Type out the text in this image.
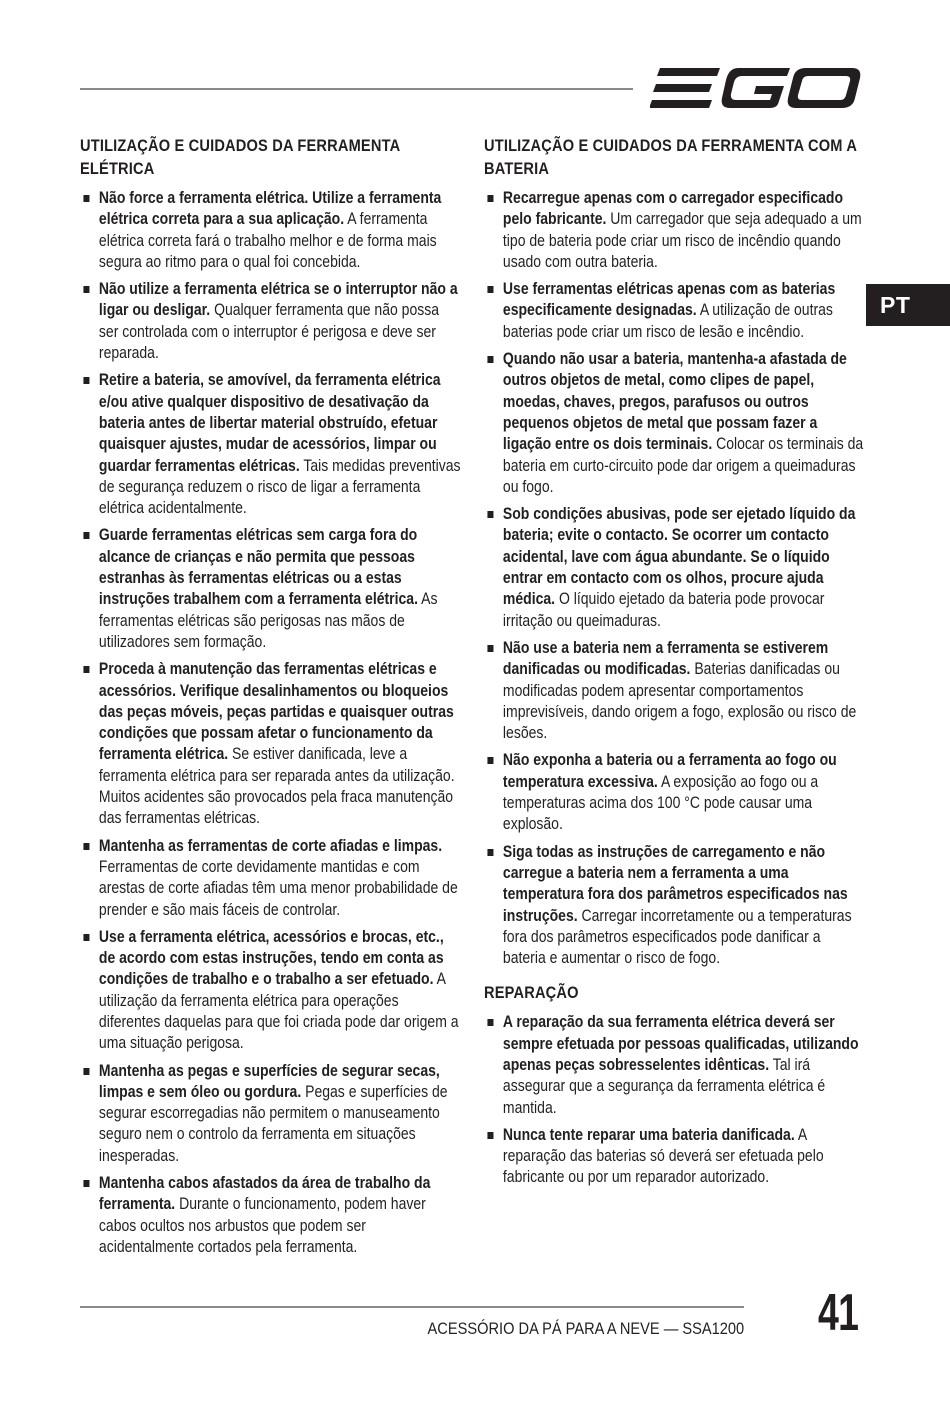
PT
UTILIZAÇÃO E CUIDADOS DA FERRAMENTA ELÉTRICA
Não force a ferramenta elétrica. Utilize a ferramenta elétrica correta para a sua aplicação. A ferramenta elétrica correta fará o trabalho melhor e de forma mais segura ao ritmo para o qual foi concebida.
Não utilize a ferramenta elétrica se o interruptor não a ligar ou desligar. Qualquer ferramenta que não possa ser controlada com o interruptor é perigosa e deve ser reparada.
Retire a bateria, se amovível, da ferramenta elétrica e/ou ative qualquer dispositivo de desativação da bateria antes de libertar material obstruído, efetuar quaisquer ajustes, mudar de acessórios, limpar ou guardar ferramentas elétricas. Tais medidas preventivas de segurança reduzem o risco de ligar a ferramenta elétrica acidentalmente.
Guarde ferramentas elétricas sem carga fora do alcance de crianças e não permita que pessoas estranhas às ferramentas elétricas ou a estas instruções trabalhem com a ferramenta elétrica. As ferramentas elétricas são perigosas nas mãos de utilizadores sem formação.
Proceda à manutenção das ferramentas elétricas e acessórios. Verifique desalinhamentos ou bloqueios das peças móveis, peças partidas e quaisquer outras condições que possam afetar o funcionamento da ferramenta elétrica. Se estiver danificada, leve a ferramenta elétrica para ser reparada antes da utilização. Muitos acidentes são provocados pela fraca manutenção das ferramentas elétricas.
Mantenha as ferramentas de corte afiadas e limpas. Ferramentas de corte devidamente mantidas e com arestas de corte afiadas têm uma menor probabilidade de prender e são mais fáceis de controlar.
Use a ferramenta elétrica, acessórios e brocas, etc., de acordo com estas instruções, tendo em conta as condições de trabalho e o trabalho a ser efetuado. A utilização da ferramenta elétrica para operações diferentes daquelas para que foi criada pode dar origem a uma situação perigosa.
Mantenha as pegas e superfícies de segurar secas, limpas e sem óleo ou gordura. Pegas e superfícies de segurar escorregadias não permitem o manuseamento seguro nem o controlo da ferramenta em situações inesperadas.
Mantenha cabos afastados da área de trabalho da ferramenta. Durante o funcionamento, podem haver cabos ocultos nos arbustos que podem ser acidentalmente cortados pela ferramenta.
UTILIZAÇÃO E CUIDADOS DA FERRAMENTA COM A BATERIA
Recarregue apenas com o carregador especificado pelo fabricante. Um carregador que seja adequado a um tipo de bateria pode criar um risco de incêndio quando usado com outra bateria.
Use ferramentas elétricas apenas com as baterias especificamente designadas. A utilização de outras baterias pode criar um risco de lesão e incêndio.
Quando não usar a bateria, mantenha-a afastada de outros objetos de metal, como clipes de papel, moedas, chaves, pregos, parafusos ou outros pequenos objetos de metal que possam fazer a ligação entre os dois terminais. Colocar os terminais da bateria em curto-circuito pode dar origem a queimaduras ou fogo.
Sob condições abusivas, pode ser ejetado líquido da bateria; evite o contacto. Se ocorrer um contacto acidental, lave com água abundante. Se o líquido entrar em contacto com os olhos, procure ajuda médica. O líquido ejetado da bateria pode provocar irritação ou queimaduras.
Não use a bateria nem a ferramenta se estiverem danificadas ou modificadas. Baterias danificadas ou modificadas podem apresentar comportamentos imprevisíveis, dando origem a fogo, explosão ou risco de lesões.
Não exponha a bateria ou a ferramenta ao fogo ou temperatura excessiva. A exposição ao fogo ou a temperaturas acima dos 100 °C pode causar uma explosão.
Siga todas as instruções de carregamento e não carregue a bateria nem a ferramenta a uma temperatura fora dos parâmetros especificados nas instruções. Carregar incorretamente ou a temperaturas fora dos parâmetros especificados pode danificar a bateria e aumentar o risco de fogo.
REPARAÇÃO
A reparação da sua ferramenta elétrica deverá ser sempre efetuada por pessoas qualificadas, utilizando apenas peças sobresselentes idênticas. Tal irá assegurar que a segurança da ferramenta elétrica é mantida.
Nunca tente reparar uma bateria danificada. A reparação das baterias só deverá ser efetuada pelo fabricante ou por um reparador autorizado.
ACESSÓRIO DA PÁ PARA A NEVE — SSA1200 41
